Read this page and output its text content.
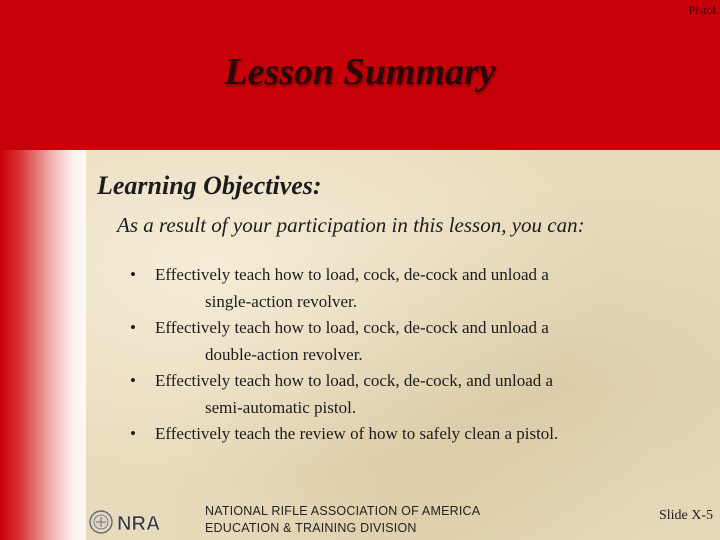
Pistol
Lesson Summary
Learning Objectives:
As a result of your participation in this lesson, you can:
• Effectively teach how to load, cock, de-cock and unload a
single-action revolver.
• Effectively teach how to load, cock, de-cock and unload a
double-action revolver.
• Effectively teach how to load, cock, de-cock, and unload a
semi-automatic pistol.
• Effectively teach the review of how to safely clean a pistol.
NRA
NATIONAL RIFLE ASSOCIATION OF AMERICA
EDUCATION & TRAINING DIVISION
Slide X-5
